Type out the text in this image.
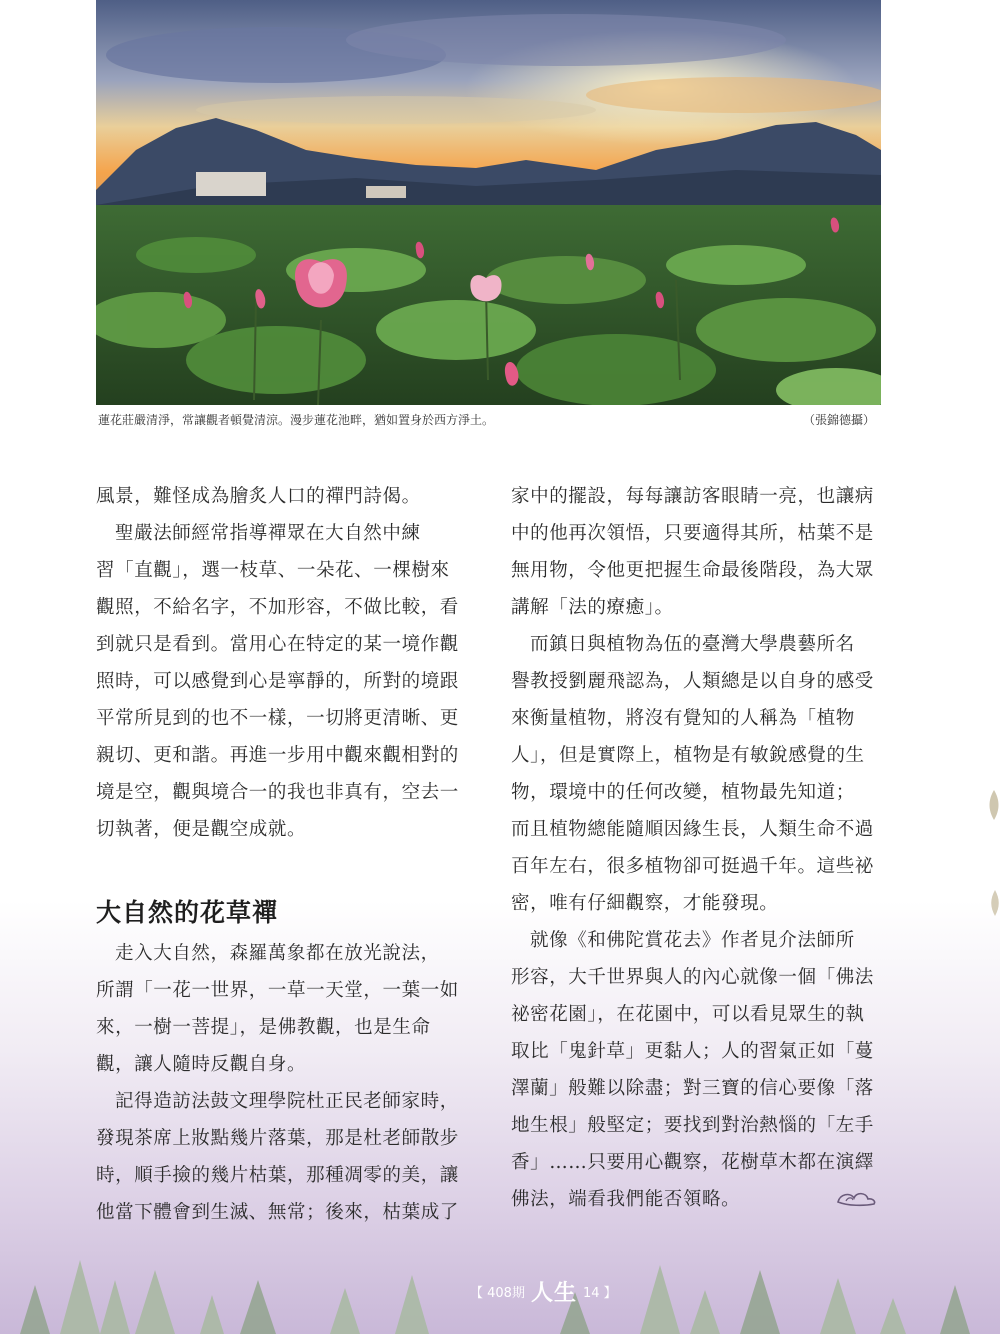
蓮花莊嚴清淨，常讓觀者頓覺清涼。漫步蓮花池畔，猶如置身於西方淨土。	（張錦德攝）

風景，難怪成為膾炙人口的禪門詩偈。

聖嚴法師經常指導禪眾在大自然中練
習「直觀」，選一枝草、一朵花、一棵樹來
觀照，不給名字，不加形容，不做比較，看
到就只是看到。當用心在特定的某一境作觀
照時，可以感覺到心是寧靜的，所對的境跟
平常所見到的也不一樣，一切將更清晰、更
親切、更和諧。再進一步用中觀來觀相對的
境是空，觀與境合一的我也非真有，空去一
切執著，便是觀空成就。

大自然的花草禪

走入大自然，森羅萬象都在放光說法，
所謂「一花一世界，一草一天堂，一葉一如
來，一樹一菩提」，是佛教觀，也是生命
觀，讓人隨時反觀自身。

記得造訪法鼓文理學院杜正民老師家時，
發現茶席上妝點幾片落葉，那是杜老師散步
時，順手撿的幾片枯葉，那種凋零的美，讓
他當下體會到生滅、無常；後來，枯葉成了

家中的擺設，每每讓訪客眼睛一亮，也讓病
中的他再次領悟，只要適得其所，枯葉不是
無用物，令他更把握生命最後階段，為大眾
講解「法的療癒」。

而鎮日與植物為伍的臺灣大學農藝所名
譽教授劉麗飛認為，人類總是以自身的感受
來衡量植物，將沒有覺知的人稱為「植物
人」，但是實際上，植物是有敏銳感覺的生
物，環境中的任何改變，植物最先知道；
而且植物總能隨順因緣生長，人類生命不過
百年左右，很多植物卻可挺過千年。這些祕
密，唯有仔細觀察，才能發現。

就像《和佛陀賞花去》作者見介法師所
形容，大千世界與人的內心就像一個「佛法
祕密花園」，在花園中，可以看見眾生的執
取比「鬼針草」更黏人；人的習氣正如「蔓
澤蘭」般難以除盡；對三寶的信心要像「落
地生根」般堅定；要找到對治熱惱的「左手
香」……只要用心觀察，花樹草木都在演繹
佛法，端看我們能否領略。

【 408期 人生 14 】
